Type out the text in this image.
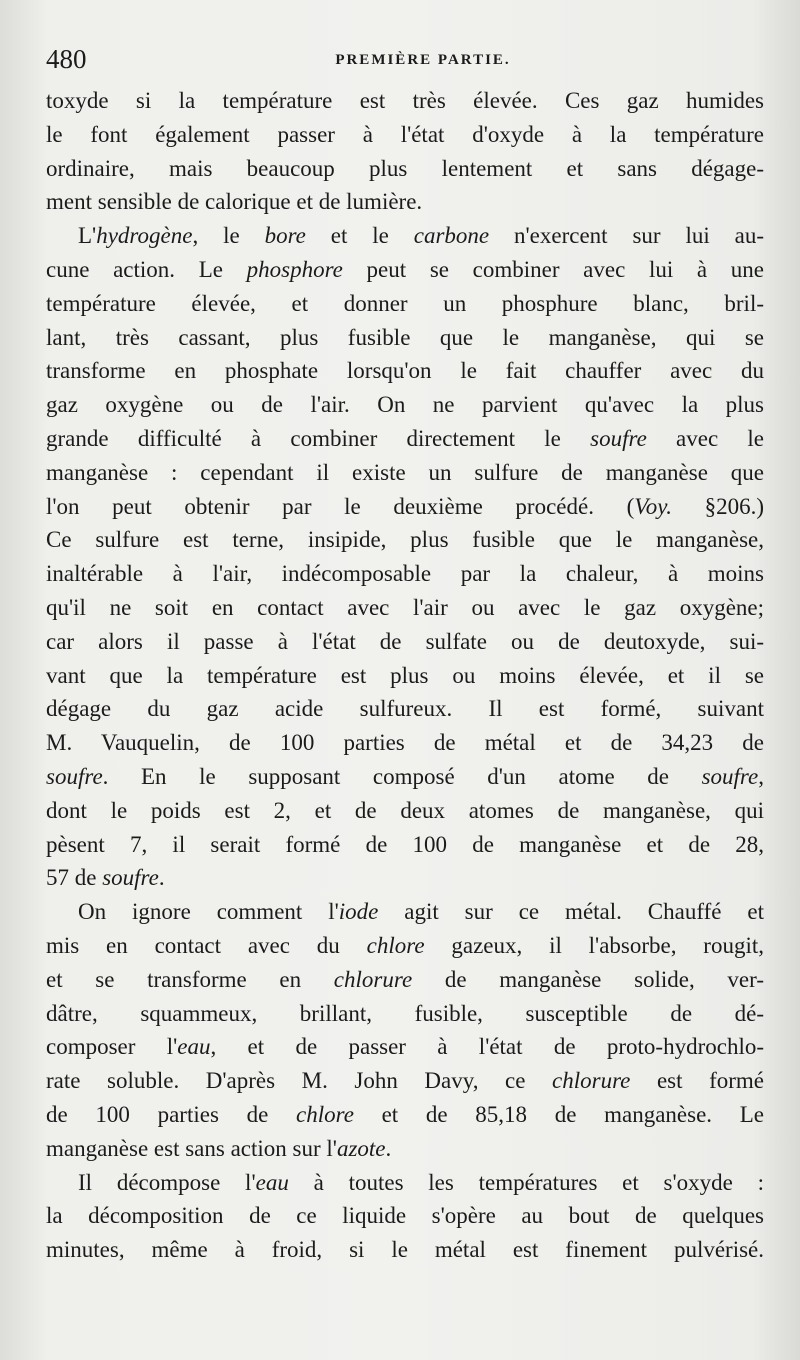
480	PREMIÈRE PARTIE.
toxyde si la température est très élevée. Ces gaz humides
le font également passer à l'état d'oxyde à la température
ordinaire, mais beaucoup plus lentement et sans dégage-
ment sensible de calorique et de lumière.
L'hydrogène, le bore et le carbone n'exercent sur lui au-
cune action. Le phosphore peut se combiner avec lui à une
température élevée, et donner un phosphure blanc, bril-
lant, très cassant, plus fusible que le manganèse, qui se
transforme en phosphate lorsqu'on le fait chauffer avec du
gaz oxygène ou de l'air. On ne parvient qu'avec la plus
grande difficulté à combiner directement le soufre avec le
manganèse : cependant il existe un sulfure de manganèse que
l'on peut obtenir par le deuxième procédé. (Voy. §206.)
Ce sulfure est terne, insipide, plus fusible que le manganèse,
inaltérable à l'air, indécomposable par la chaleur, à moins
qu'il ne soit en contact avec l'air ou avec le gaz oxygène;
car alors il passe à l'état de sulfate ou de deutoxyde, sui-
vant que la température est plus ou moins élevée, et il se
dégage du gaz acide sulfureux. Il est formé, suivant
M. Vauquelin, de 100 parties de métal et de 34,23 de
soufre. En le supposant composé d'un atome de soufre,
dont le poids est 2, et de deux atomes de manganèse, qui
pèsent 7, il serait formé de 100 de manganèse et de 28,
57 de soufre.
On ignore comment l'iode agit sur ce métal. Chauffé et
mis en contact avec du chlore gazeux, il l'absorbe, rougit,
et se transforme en chlorure de manganèse solide, ver-
dâtre, squammeux, brillant, fusible, susceptible de dé-
composer l'eau, et de passer à l'état de proto-hydrochlo-
rate soluble. D'après M. John Davy, ce chlorure est formé
de 100 parties de chlore et de 85,18 de manganèse. Le
manganèse est sans action sur l'azote.
Il décompose l'eau à toutes les températures et s'oxyde :
la décomposition de ce liquide s'opère au bout de quelques
minutes, même à froid, si le métal est finement pulvérisé.
